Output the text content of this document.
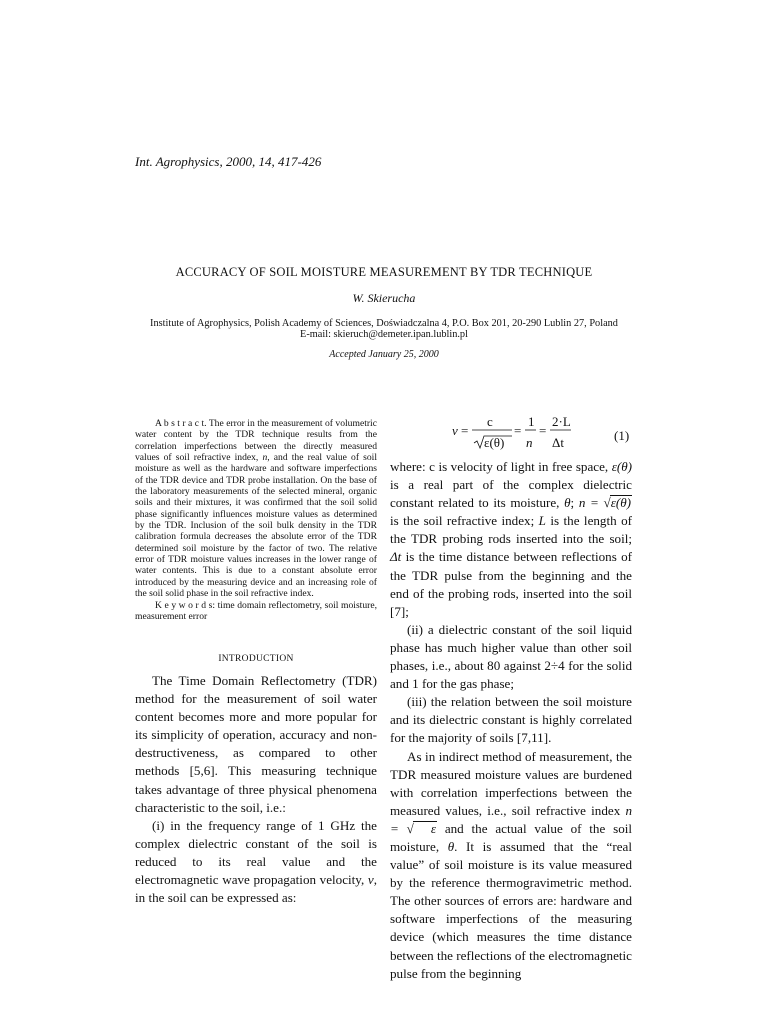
Int. Agrophysics, 2000, 14, 417-426
ACCURACY OF SOIL MOISTURE MEASUREMENT BY TDR TECHNIQUE
W. Skierucha
Institute of Agrophysics, Polish Academy of Sciences, Doświadczalna 4, P.O. Box 201, 20-290 Lublin 27, Poland
E-mail: skieruch@demeter.ipan.lublin.pl
Accepted January 25, 2000

A b s t r a c t. The error in the measurement of volumetric water content by the TDR technique results from the correlation imperfections between the directly measured values of soil refractive index, n, and the real value of soil moisture as well as the hardware and software imperfections of the TDR device and TDR probe installation. On the base of the laboratory measurements of the selected mineral, organic soils and their mixtures, it was confirmed that the soil solid phase significantly influences moisture values as determined by the TDR. Inclusion of the soil bulk density in the TDR calibration formula decreases the absolute error of the TDR determined soil moisture by the factor of two. The relative error of TDR moisture values increases in the lower range of water contents. This is due to a constant absolute error introduced by the measuring device and an increasing role of the soil solid phase in the soil refractive index.

K e y w o r d s: time domain reflectometry, soil moisture, measurement error

INTRODUCTION

The Time Domain Reflectometry (TDR) method for the measurement of soil water content becomes more and more popular for its simplicity of operation, accuracy and non-destructiveness, as compared to other methods [5,6]. This measuring technique takes advantage of three physical phenomena characteristic to the soil, i.e.:

(i) in the frequency range of 1 GHz the complex dielectric constant of the soil is reduced to its real value and the electromagnetic wave propagation velocity, v, in the soil can be expressed as:

v =
c
ε(θ)
=
1
n
=
2·L
Δt	(1)

where: c is velocity of light in free space, ε(θ) is a real part of the complex dielectric constant related to its moisture, θ; n = √ε(θ) is the soil refractive index; L is the length of the TDR probing rods inserted into the soil; Δt is the time distance between reflections of the TDR pulse from the beginning and the end of the probing rods, inserted into the soil [7];

(ii) a dielectric constant of the soil liquid phase has much higher value than other soil phases, i.e., about 80 against 2÷4 for the solid and 1 for the gas phase;

(iii) the relation between the soil moisture and its dielectric constant is highly correlated for the majority of soils [7,11].

As in indirect method of measurement, the TDR measured moisture values are burdened with correlation imperfections between the measured values, i.e., soil refractive index n = √ ε and the actual value of the soil moisture, θ. It is assumed that the “real value” of soil moisture is its value measured by the reference thermogravimetric method. The other sources of errors are: hardware and software imperfections of the measuring device (which measures the time distance between the reflections of the electromagnetic pulse from the beginning
